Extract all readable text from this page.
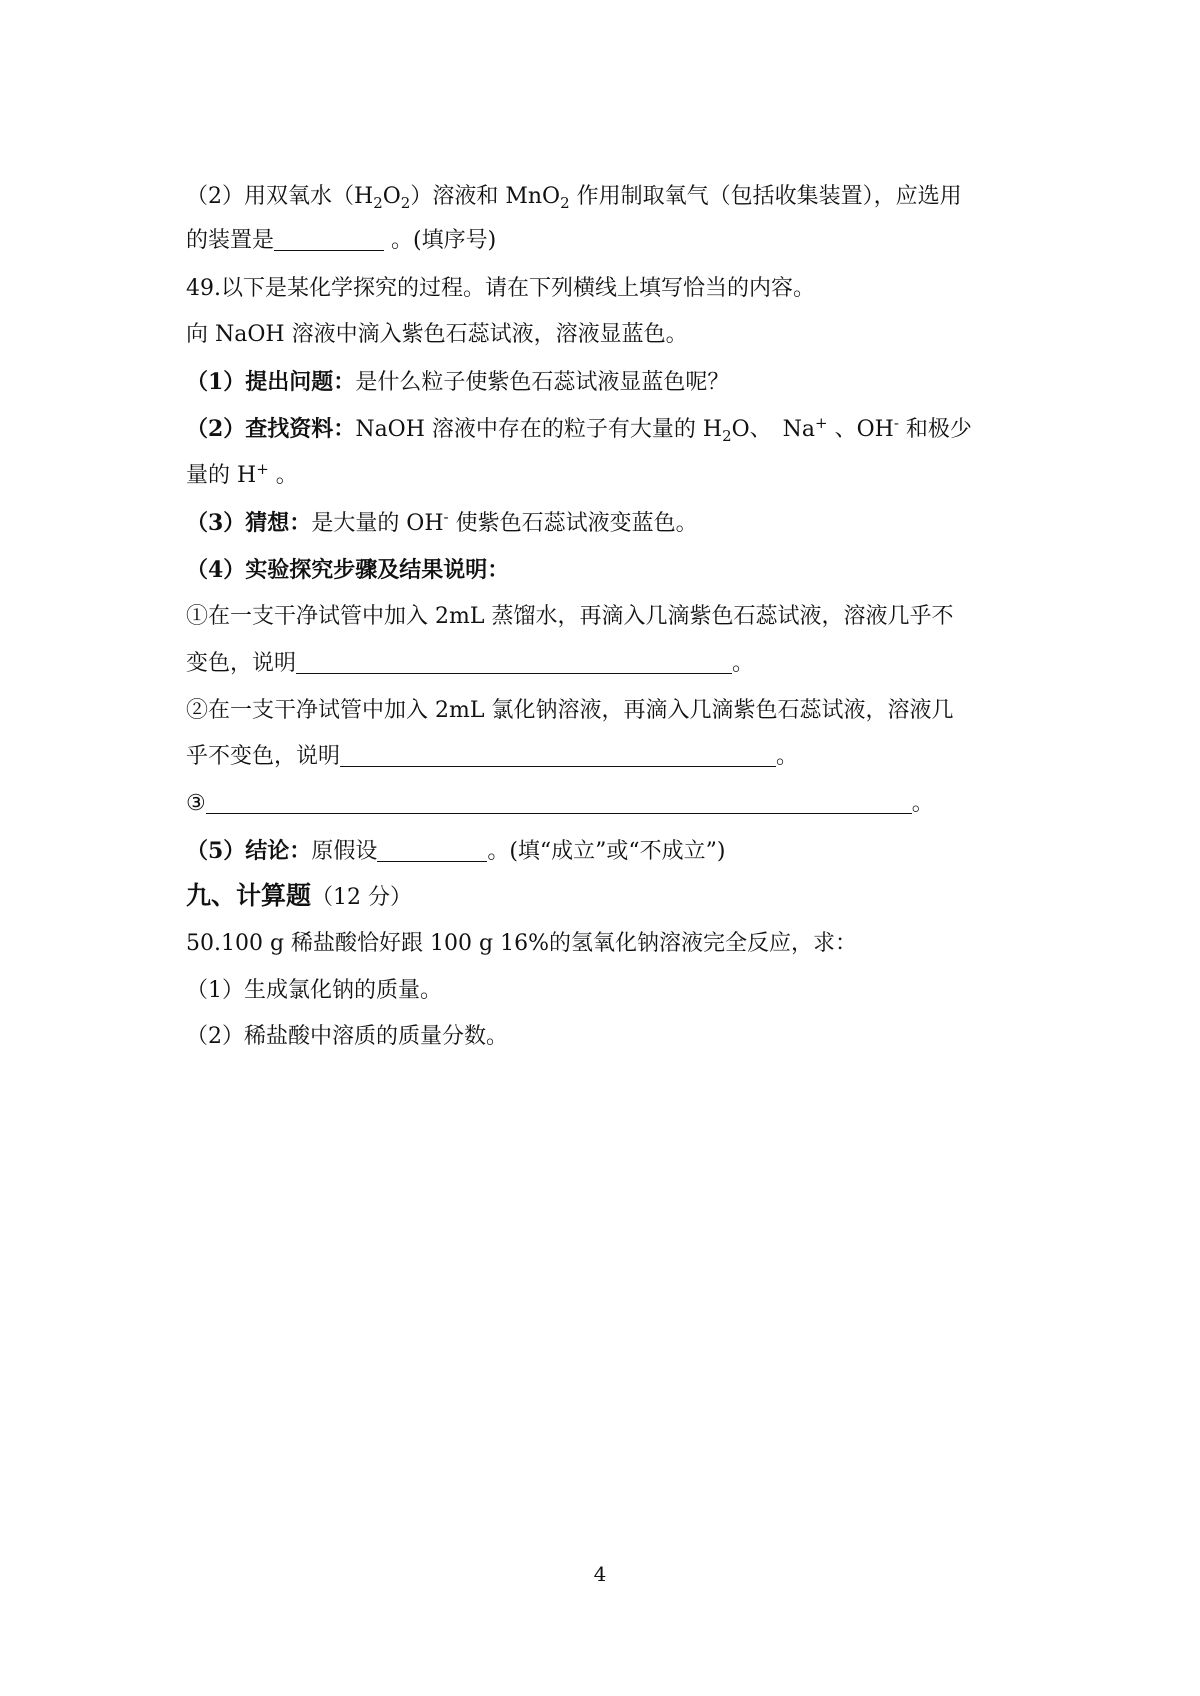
（2）用双氧水$(H_2O_2)$溶液和 MnO$_2$ 作用制取氧气（包括收集装置），应选用
的装置是	。(填序号)
49.以下是某化学探究的过程。请在下列横线上填写恰当的内容。
向 NaOH 溶液中滴入紫色石蕊试液，溶液显蓝色。
（1）提出问题：是什么粒子使紫色石蕊试液显蓝色呢？
（2）查找资料：NaOH 溶液中存在的粒子有大量的 $H_2O$、　Na+ 、OH- 和极少
量的 H+ 。
（3）猜想：是大量的 OH- 使紫色石蕊试液变蓝色。
（4）实验探究步骤及结果说明：
①在一支干净试管中加入 2mL 蒸馏水，再滴入几滴紫色石蕊试液，溶液几乎不
变色，说明	。
②在一支干净试管中加入 2mL 氯化钠溶液，再滴入几滴紫色石蕊试液，溶液几
乎不变色，说明	。
③	。
（5）结论：原假设	。(填“成立”或“不成立”)
九、计算题（12 分）
50.100 g 稀盐酸恰好跟 100 g 16%的氢氧化钠溶液完全反应，求：
（1）生成氯化钠的质量。
（2）稀盐酸中溶质的质量分数。
4
